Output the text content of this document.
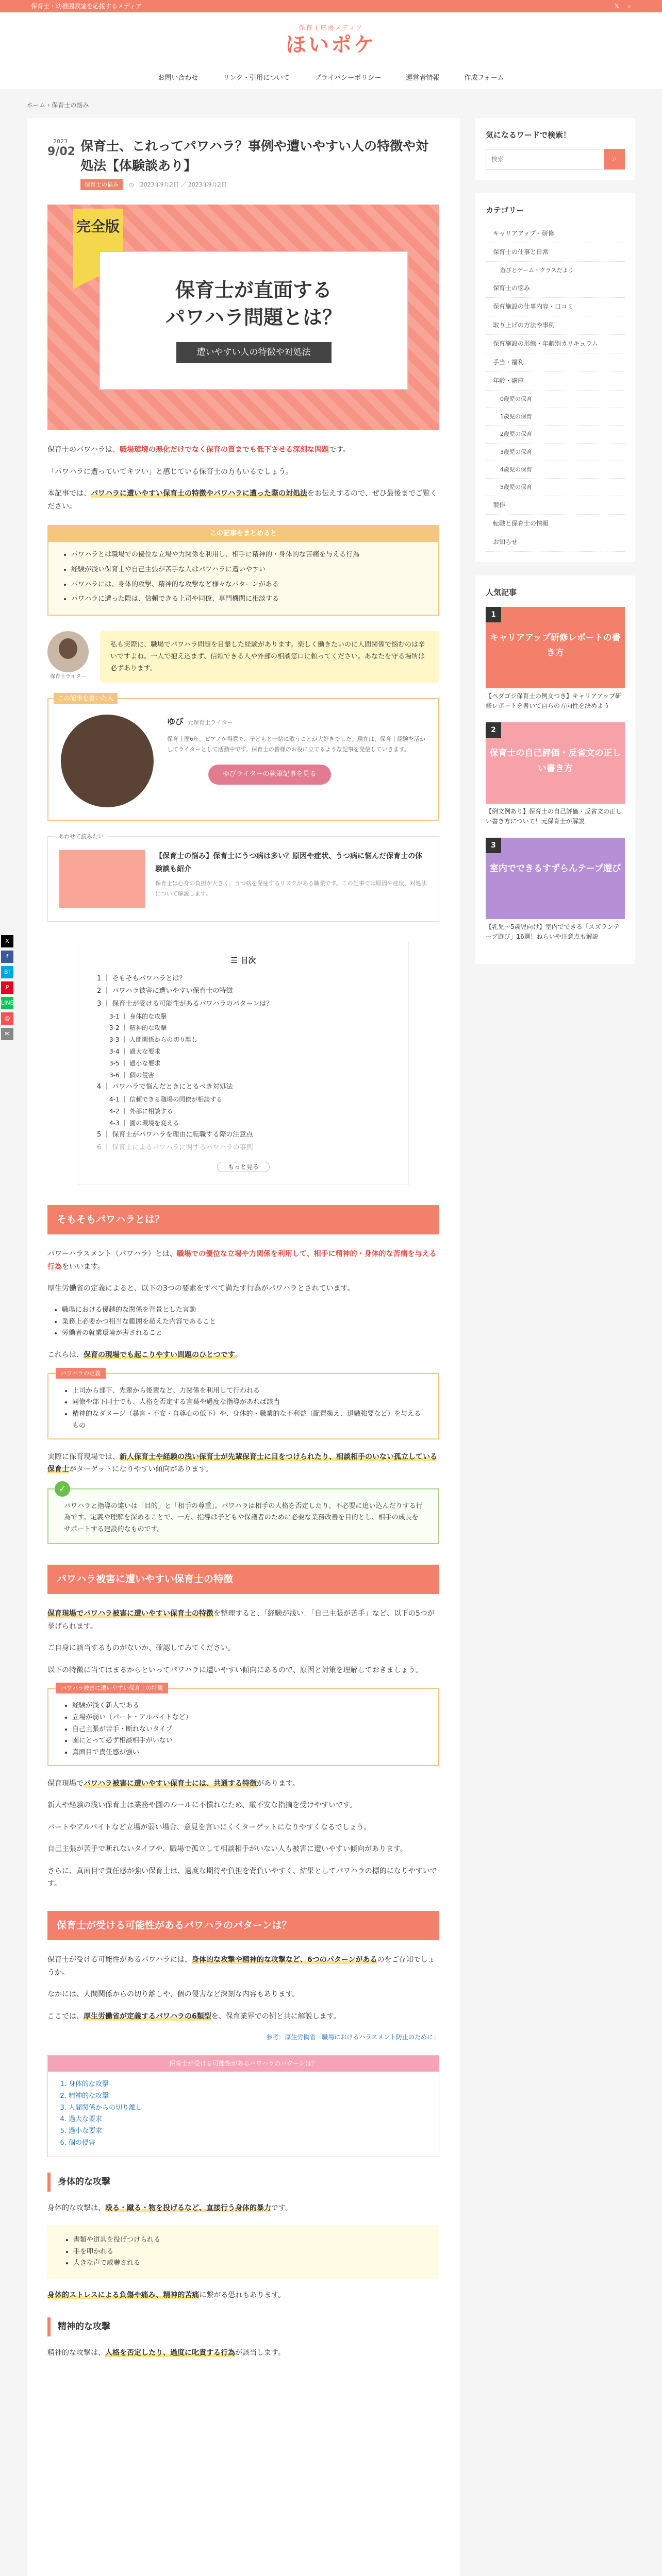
保育士・幼稚園教諭を応援するメディア	𝕏 ⌕
保育士応援メディア
ほいポケ
お問い合わせ	リンク・引用について	プライバシーポリシー	運営者情報	作成フォーム
ホーム › 保育士の悩み
2023
9/02 保育士、これってパワハラ？事例や遭いやすい人の特徴や対処法【体験談あり】
保育士の悩み	◷ 2023年9月2日 ／ 2023年9月2日
完全版
保育士が直面する
パワハラ問題とは？
遭いやすい人の特徴や対処法

保育士のパワハラは、職場環境の悪化だけでなく保育の質までも低下させる深刻な問題です。

「パワハラに遭っていてキツい」と感じている保育士の方もいるでしょう。

本記事では、パワハラに遭いやすい保育士の特徴やパワハラに遭った際の対処法をお伝えするので、ぜひ最後までご覧ください。

この記事をまとめると
• パワハラとは職場での優位な立場や力関係を利用し、相手に精神的・身体的な苦痛を与える行為
• 経験が浅い保育士や自己主張が苦手な人はパワハラに遭いやすい
• パワハラには、身体的攻撃、精神的な攻撃など様々なパターンがある
• パワハラに遭った際は、信頼できる上司や同僚、専門機関に相談する
保育士ライター
私も実際に、職場でパワハラ問題を目撃した経験があります。楽しく働きたいのに人間関係で悩むのは辛いですよね。一人で抱え込まず、信頼できる人や外部の相談窓口に頼ってください。あなたを守る場所は必ずあります。
この記事を書いた人
ゆび 元保育士ライター
保育士歴6年。ピアノが得意で、子どもと一緒に歌うことが大好きでした。現在は、保育士経験を活かしてライターとして活動中です。保育士の皆様のお役に立てるような記事を発信していきます。
ゆびライターの執筆記事を見る
あわせて読みたい
【保育士の悩み】保育士にうつ病は多い？原因や症状、うつ病に悩んだ保育士の体験談も紹介
保育士は心身の負担が大きく、うつ病を発症するリスクがある職業です。この記事では原因や症状、対処法について解説します。
☰ 目次
1 ｜ そもそもパワハラとは？
2 ｜ パワハラ被害に遭いやすい保育士の特徴
3 ｜ 保育士が受ける可能性があるパワハラのパターンは？
3-1 ｜ 身体的な攻撃
3-2 ｜ 精神的な攻撃
3-3 ｜ 人間関係からの切り離し
3-4 ｜ 過大な要求
3-5 ｜ 過小な要求
3-6 ｜ 個の侵害
4 ｜ パワハラで悩んだときにとるべき対処法
4-1 ｜ 信頼できる職場の同僚が相談する
4-2 ｜ 外部に相談する
4-3 ｜ 園の環境を変える
5 ｜ 保育士がパワハラを理由に転職する際の注意点
6 ｜ 保育士によるパワハラに関するパワハラの事例
もっと見る
そもそもパワハラとは？

パワーハラスメント（パワハラ）とは、職場での優位な立場や力関係を利用して、相手に精神的・身体的な苦痛を与える行為をいいます。

厚生労働省の定義によると、以下の3つの要素をすべて満たす行為がパワハラとされています。

• 職場における優越的な関係を背景とした言動
• 業務上必要かつ相当な範囲を超えた内容であること
• 労働者の就業環境が害されること

これらは、保育の現場でも起こりやすい問題のひとつです。

パワハラの定義
• 上司から部下、先輩から後輩など、力関係を利用して行われる
• 同僚や部下同士でも、人格を否定する言葉や過度な指導があれば該当
• 精神的なダメージ（暴言・不安・自尊心の低下）や、身体的・職業的な不利益（配置換え、退職強要など）を与えるもの

実際に保育現場では、新人保育士や経験の浅い保育士が先輩保育士に目をつけられたり、相談相手のいない孤立している保育士がターゲットになりやすい傾向があります。

✓
パワハラと指導の違いは「目的」と「相手の尊重」。パワハラは相手の人格を否定したり、不必要に追い込んだりする行為です。定義や理解を深めることで、一方、指導は子どもや保護者のために必要な業務改善を目的とし、相手の成長をサポートする建設的なものです。
パワハラ被害に遭いやすい保育士の特徴

保育現場でパワハラ被害に遭いやすい保育士の特徴を整理すると、「経験が浅い」「自己主張が苦手」など、以下の5つが挙げられます。

ご自身に該当するものがないか、確認してみてください。

以下の特徴に当てはまるからといってパワハラに遭いやすい傾向にあるので、原因と対策を理解しておきましょう。

パワハラ被害に遭いやすい保育士の特徴
• 経験が浅く新人である
• 立場が弱い（パート・アルバイトなど）
• 自己主張が苦手・断れないタイプ
• 園にとって必ず相談相手がいない
• 真面目で責任感が強い

保育現場でパワハラ被害に遭いやすい保育士には、共通する特徴があります。

新人や経験の浅い保育士は業務や園のルールに不慣れなため、厳不安な指摘を受けやすいです。

パートやアルバイトなど立場が弱い場合、意見を言いにくくターゲットになりやすくなるでしょう。

自己主張が苦手で断れないタイプや、職場で孤立して相談相手がいない人も被害に遭いやすい傾向があります。

さらに、真面目で責任感が強い保育士は、過度な期待や負担を背負いやすく、結果としてパワハラの標的になりやすいです。

保育士が受ける可能性があるパワハラのパターンは？

保育士が受ける可能性があるパワハラには、身体的な攻撃や精神的な攻撃など、6つのパターンがあるのをご存知でしょうか。

なかには、人間関係からの切り離しや、個の侵害など深刻な内容もあります。

ここでは、厚生労働省が定義するパワハラの6類型を、保育業界での例と共に解説します。

参考：厚生労働省「職場におけるハラスメント防止のために」
保育士が受ける可能性があるパワハラのパターンは？
1. 身体的な攻撃
2. 精神的な攻撃
3. 人間関係からの切り離し
4. 過大な要求
5. 過小な要求
6. 個の侵害
身体的な攻撃

身体的な攻撃は、殴る・蹴る・物を投げるなど、直接行う身体的暴力です。

• 書類や道具を投げつけられる
• 手を叩かれる
• 大きな声で威嚇される

身体的ストレスによる負傷や痛み、精神的苦痛に繋がる恐れもあります。

精神的な攻撃

精神的な攻撃は、人格を否定したり、過度に叱責する行為が該当します。

気になるワードで検索！
検索
⌕
カテゴリー
キャリアアップ・研修
保育士の仕事と日常
遊びとゲーム・クラスだより
保育士の悩み
保育施設の仕事内容・口コミ
取り上げの方法や事例
保育施設の形態・年齢別カリキュラム
手当・福利
年齢・講座
0歳児の保育
1歳児の保育
2歳児の保育
3歳児の保育
4歳児の保育
5歳児の保育
製作
転職と保育士の情報
お知らせ
人気記事
1
キャリアアップ研修レポートの書き方
【ペダゴジ保育士の例文つき】キャリアアップ研修レポートを書いて自らの方向性を決めよう
2
保育士の自己評価・反省文の正しい書き方
【例文例あり】保育士の自己評価・反省文の正しい書き方について！元保育士が解説
3
室内でできるすずらんテープ遊び
【乳児〜5歳児向け】室内でできる「スズランテープ遊び」16選！ねらいや注意点も解説
X
f
B!
P
LINE
@
✉
